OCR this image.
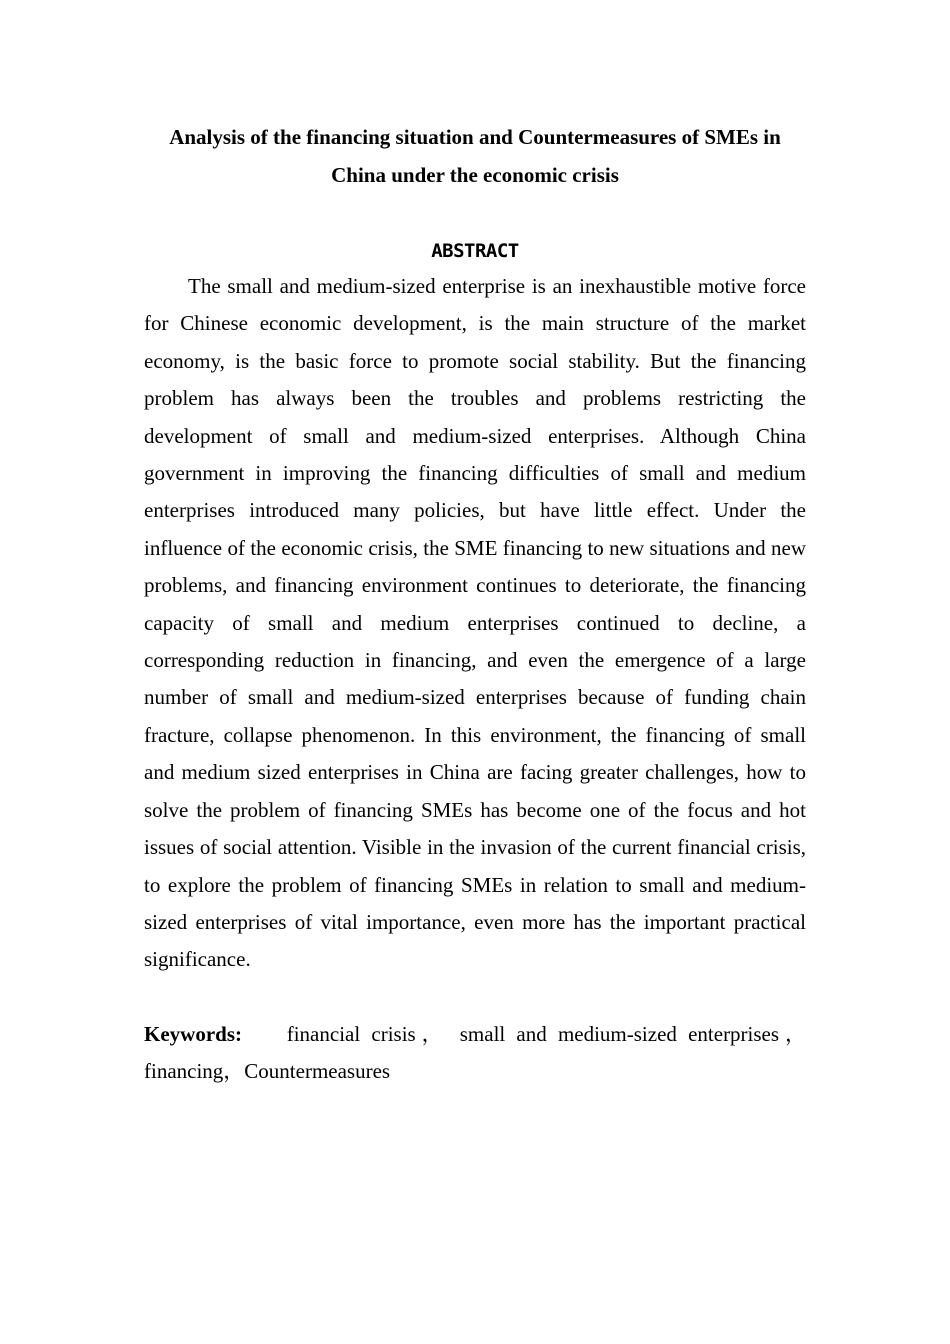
Analysis of the financing situation and Countermeasures of SMEs in
China under the economic crisis
ABSTRACT

The small and medium-sized enterprise is an inexhaustible motive force for Chinese economic development, is the main structure of the market economy, is the basic force to promote social stability. But the financing problem has always been the troubles and problems restricting the development of small and medium-sized enterprises. Although China government in improving the financing difficulties of small and medium enterprises introduced many policies, but have little effect. Under the influence of the economic crisis, the SME financing to new situations and new problems, and financing environment continues to deteriorate, the financing capacity of small and medium enterprises continued to decline, a corresponding reduction in financing, and even the emergence of a large number of small and medium-sized enterprises because of funding chain fracture, collapse phenomenon. In this environment, the financing of small and medium sized enterprises in China are facing greater challenges, how to solve the problem of financing SMEs has become one of the focus and hot issues of social attention. Visible in the invasion of the current financial crisis, to explore the problem of financing SMEs in relation to small and medium-sized enterprises of vital importance, even more has the important practical significance.

Keywords: financial crisis， small and medium-sized enterprises，financing，Countermeasures
